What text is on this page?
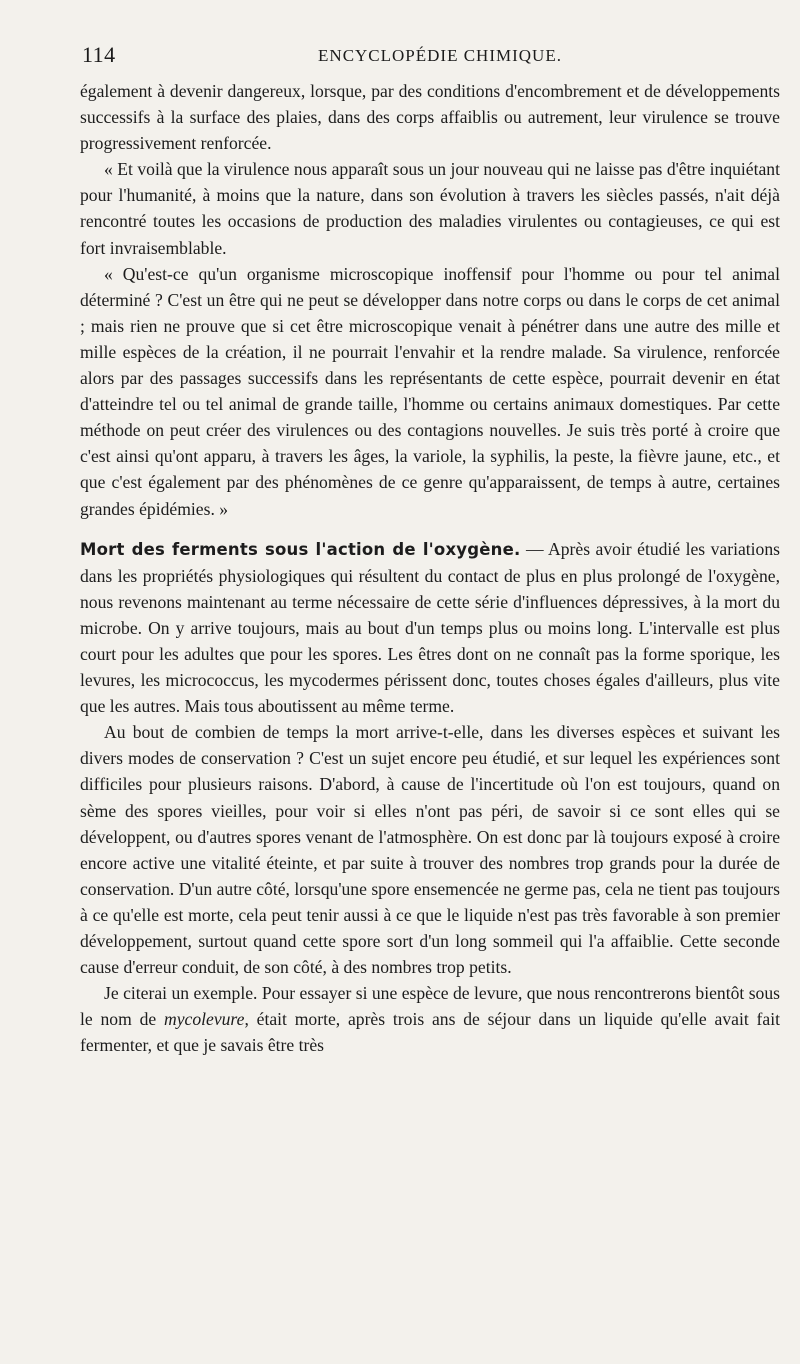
114	ENCYCLOPÉDIE CHIMIQUE.

également à devenir dangereux, lorsque, par des conditions d'encombrement et de développements successifs à la surface des plaies, dans des corps affaiblis ou autrement, leur virulence se trouve progressivement renforcée.

« Et voilà que la virulence nous apparaît sous un jour nouveau qui ne laisse pas d'être inquiétant pour l'humanité, à moins que la nature, dans son évolution à travers les siècles passés, n'ait déjà rencontré toutes les occasions de production des maladies virulentes ou contagieuses, ce qui est fort invraisemblable.

« Qu'est-ce qu'un organisme microscopique inoffensif pour l'homme ou pour tel animal déterminé ? C'est un être qui ne peut se développer dans notre corps ou dans le corps de cet animal ; mais rien ne prouve que si cet être microscopique venait à pénétrer dans une autre des mille et mille espèces de la création, il ne pourrait l'envahir et la rendre malade. Sa virulence, renforcée alors par des passages successifs dans les représentants de cette espèce, pourrait devenir en état d'atteindre tel ou tel animal de grande taille, l'homme ou certains animaux domestiques. Par cette méthode on peut créer des virulences ou des contagions nouvelles. Je suis très porté à croire que c'est ainsi qu'ont apparu, à travers les âges, la variole, la syphilis, la peste, la fièvre jaune, etc., et que c'est également par des phénomènes de ce genre qu'apparaissent, de temps à autre, certaines grandes épidémies. »

Mort des ferments sous l'action de l'oxygène. — Après avoir étudié les variations dans les propriétés physiologiques qui résultent du contact de plus en plus prolongé de l'oxygène, nous revenons maintenant au terme nécessaire de cette série d'influences dépressives, à la mort du microbe. On y arrive toujours, mais au bout d'un temps plus ou moins long. L'intervalle est plus court pour les adultes que pour les spores. Les êtres dont on ne connaît pas la forme sporique, les levures, les micrococcus, les mycodermes périssent donc, toutes choses égales d'ailleurs, plus vite que les autres. Mais tous aboutissent au même terme.

Au bout de combien de temps la mort arrive-t-elle, dans les diverses espèces et suivant les divers modes de conservation ? C'est un sujet encore peu étudié, et sur lequel les expériences sont difficiles pour plusieurs raisons. D'abord, à cause de l'incertitude où l'on est toujours, quand on sème des spores vieilles, pour voir si elles n'ont pas péri, de savoir si ce sont elles qui se développent, ou d'autres spores venant de l'atmosphère. On est donc par là toujours exposé à croire encore active une vitalité éteinte, et par suite à trouver des nombres trop grands pour la durée de conservation. D'un autre côté, lorsqu'une spore ensemencée ne germe pas, cela ne tient pas toujours à ce qu'elle est morte, cela peut tenir aussi à ce que le liquide n'est pas très favorable à son premier développement, surtout quand cette spore sort d'un long sommeil qui l'a affaiblie. Cette seconde cause d'erreur conduit, de son côté, à des nombres trop petits.

Je citerai un exemple. Pour essayer si une espèce de levure, que nous rencontrerons bientôt sous le nom de mycolevure, était morte, après trois ans de séjour dans un liquide qu'elle avait fait fermenter, et que je savais être très
